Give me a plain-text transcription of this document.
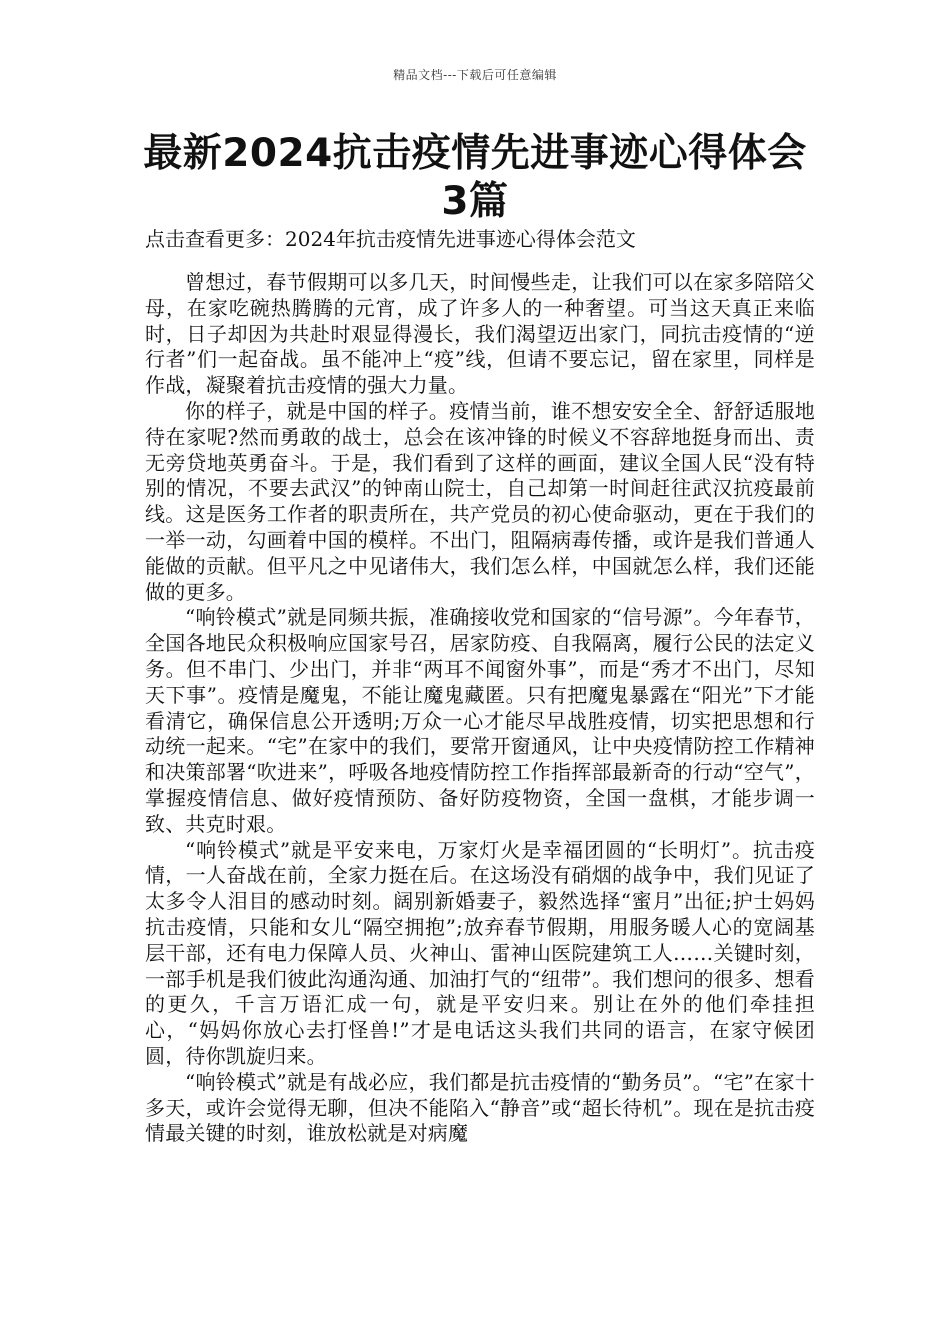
精品文档---下载后可任意编辑
最新2024抗击疫情先进事迹心得体会3篇

点击查看更多：2024年抗击疫情先进事迹心得体会范文

曾想过，春节假期可以多几天，时间慢些走，让我们可以在家多陪陪父母，在家吃碗热腾腾的元宵，成了许多人的一种奢望。可当这天真正来临时，日子却因为共赴时艰显得漫长，我们渴望迈出家门，同抗击疫情的“逆行者”们一起奋战。虽不能冲上“疫”线，但请不要忘记，留在家里，同样是作战，凝聚着抗击疫情的强大力量。

你的样子，就是中国的样子。疫情当前，谁不想安安全全、舒舒适服地待在家呢?然而勇敢的战士，总会在该冲锋的时候义不容辞地挺身而出、责无旁贷地英勇奋斗。于是，我们看到了这样的画面，建议全国人民“没有特别的情况，不要去武汉”的钟南山院士，自己却第一时间赶往武汉抗疫最前线。这是医务工作者的职责所在，共产党员的初心使命驱动，更在于我们的一举一动，勾画着中国的模样。不出门，阻隔病毒传播，或许是我们普通人能做的贡献。但平凡之中见诸伟大，我们怎么样，中国就怎么样，我们还能做的更多。

“响铃模式”就是同频共振，准确接收党和国家的“信号源”。今年春节，全国各地民众积极响应国家号召，居家防疫、自我隔离，履行公民的法定义务。但不串门、少出门，并非“两耳不闻窗外事”，而是“秀才不出门，尽知天下事”。疫情是魔鬼，不能让魔鬼藏匿。只有把魔鬼暴露在“阳光”下才能看清它，确保信息公开透明;万众一心才能尽早战胜疫情，切实把思想和行动统一起来。“宅”在家中的我们，要常开窗通风，让中央疫情防控工作精神和决策部署“吹进来”，呼吸各地疫情防控工作指挥部最新奇的行动“空气”，掌握疫情信息、做好疫情预防、备好防疫物资，全国一盘棋，才能步调一致、共克时艰。

“响铃模式”就是平安来电，万家灯火是幸福团圆的“长明灯”。抗击疫情，一人奋战在前，全家力挺在后。在这场没有硝烟的战争中，我们见证了太多令人泪目的感动时刻。阔别新婚妻子，毅然选择“蜜月”出征;护士妈妈抗击疫情，只能和女儿“隔空拥抱”;放弃春节假期，用服务暖人心的宽阔基层干部，还有电力保障人员、火神山、雷神山医院建筑工人……关键时刻，一部手机是我们彼此沟通沟通、加油打气的“纽带”。我们想问的很多、想看的更久，千言万语汇成一句，就是平安归来。别让在外的他们牵挂担心，“妈妈你放心去打怪兽!”才是电话这头我们共同的语言，在家守候团圆，待你凯旋归来。

“响铃模式”就是有战必应，我们都是抗击疫情的“勤务员”。“宅”在家十多天，或许会觉得无聊，但决不能陷入“静音”或“超长待机”。现在是抗击疫情最关键的时刻，谁放松就是对病魔
